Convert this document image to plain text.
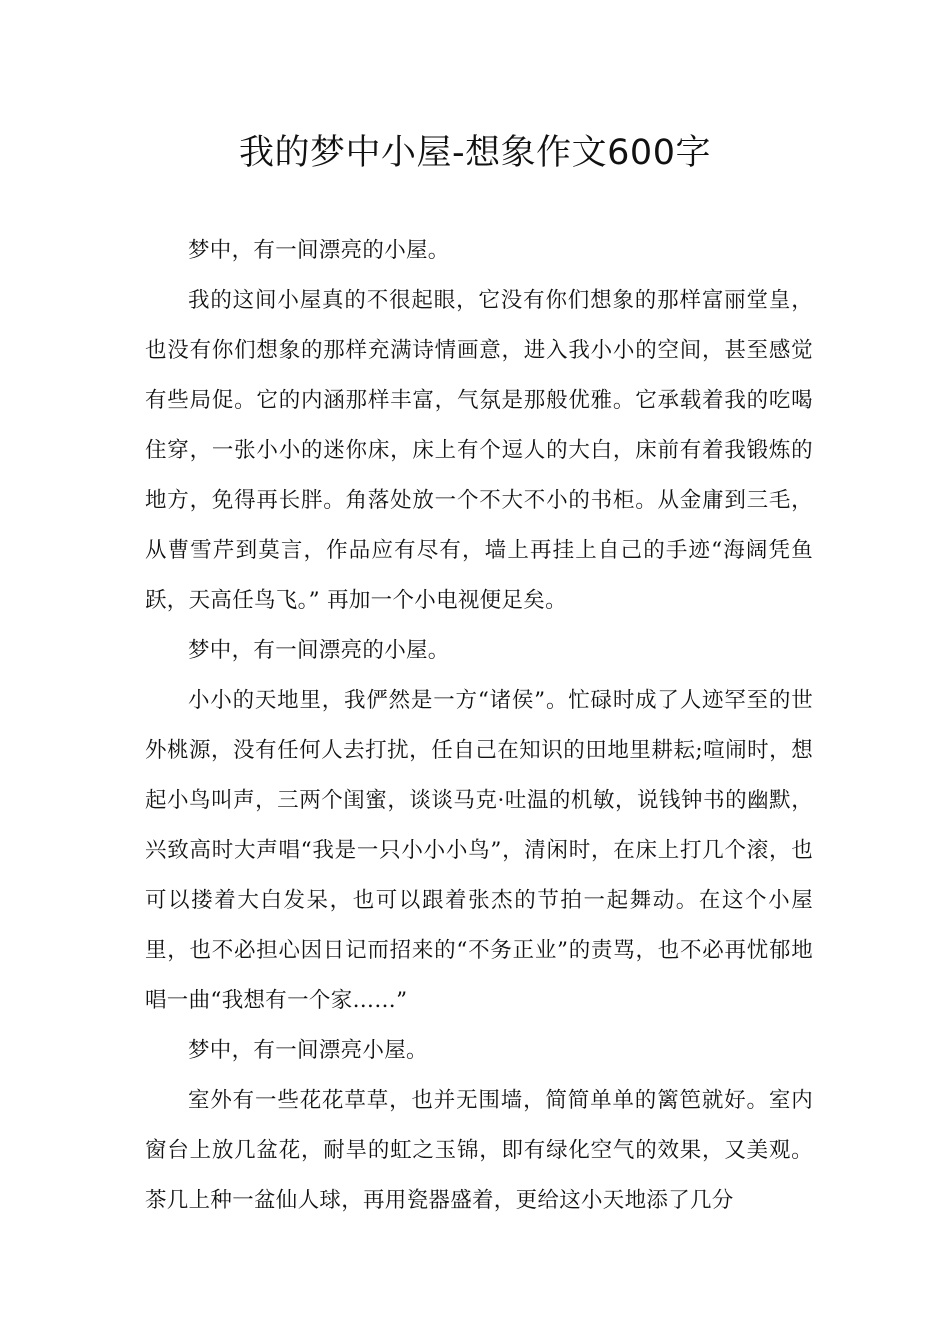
我的梦中小屋-想象作文600字

梦中，有一间漂亮的小屋。

我的这间小屋真的不很起眼，它没有你们想象的那样富丽堂皇，也没有你们想象的那样充满诗情画意，进入我小小的空间，甚至感觉有些局促。它的内涵那样丰富，气氛是那般优雅。它承载着我的吃喝住穿，一张小小的迷你床，床上有个逗人的大白，床前有着我锻炼的地方，免得再长胖。角落处放一个不大不小的书柜。从金庸到三毛，从曹雪芹到莫言，作品应有尽有，墙上再挂上自己的手迹“海阔凭鱼跃，天高任鸟飞。” 再加一个小电视便足矣。

梦中，有一间漂亮的小屋。

小小的天地里，我俨然是一方“诸侯”。忙碌时成了人迹罕至的世外桃源，没有任何人去打扰，任自己在知识的田地里耕耘;喧闹时，想起小鸟叫声，三两个闺蜜，谈谈马克·吐温的机敏，说钱钟书的幽默，兴致高时大声唱“我是一只小小小鸟”，清闲时，在床上打几个滚，也可以搂着大白发呆，也可以跟着张杰的节拍一起舞动。在这个小屋里，也不必担心因日记而招来的“不务正业”的责骂，也不必再忧郁地唱一曲“我想有一个家……”

梦中，有一间漂亮小屋。

室外有一些花花草草，也并无围墙，简简单单的篱笆就好。室内窗台上放几盆花，耐旱的虹之玉锦，即有绿化空气的效果，又美观。茶几上种一盆仙人球，再用瓷器盛着，更给这小天地添了几分
